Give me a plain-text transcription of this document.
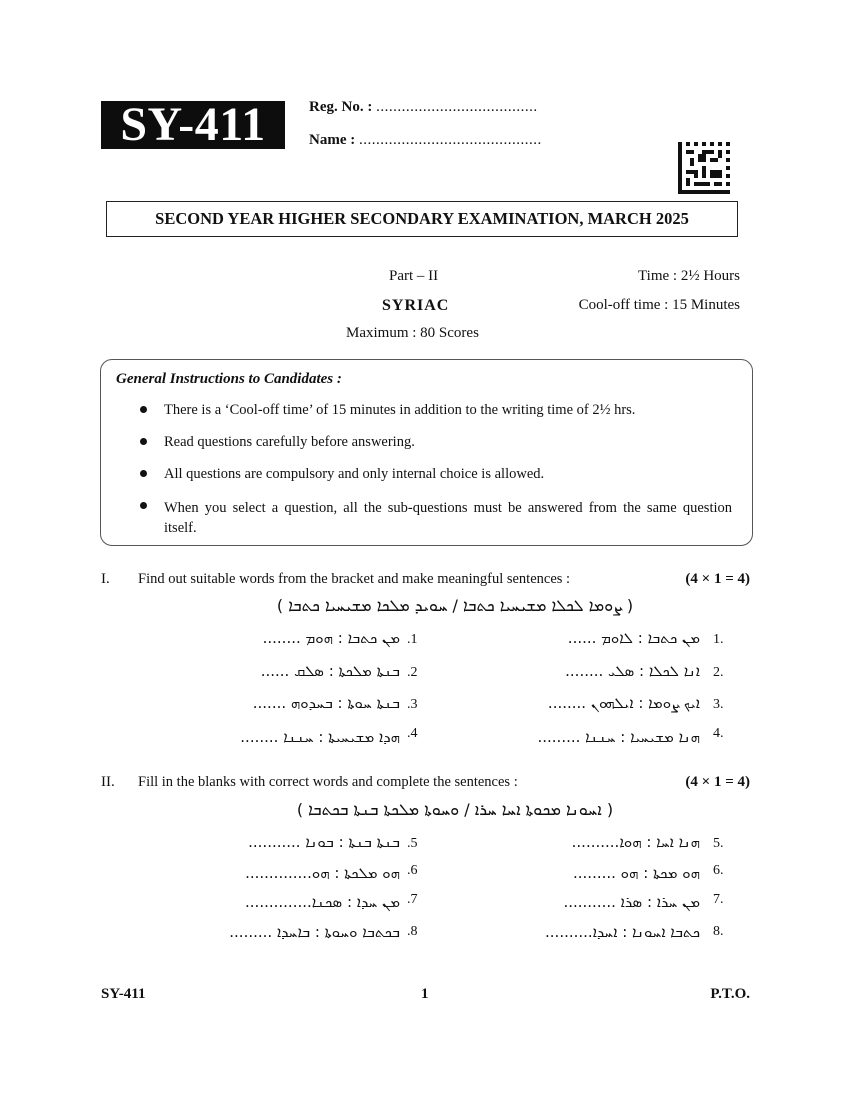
SY-411	Reg. No. : ......................................
Name : ...........................................
SECOND YEAR HIGHER SECONDARY EXAMINATION, MARCH 2025
Part – II
SYRIAC
Maximum : 80 Scores
Time : 2½ Hours
Cool-off time : 15 Minutes
General Instructions to Candidates :
There is a ‘Cool-off time’ of 15 minutes in addition to the writing time of 2½ hrs.
Read questions carefully before answering.
All questions are compulsory and only internal choice is allowed.
When you select a question, all the sub-questions must be answered from the same question itself.
I. Find out suitable words from the bracket and make meaningful sentences :	(4 × 1 = 4)
( ܨܘܡܐ ܠܟܠܐ ܡܫܝܚܝܐ ܟܬܒܐ / ܚܘܝܕ ܡܠܟܐ ܡܫܝܚܝܐ ܟܬܒܐ )
1.
ܡܢ ܟܬܒܐ : ܠܐܘܡ ......
2.
ܐܢܐ ܠܟܠܐ : ܣܠܝ ........
3.
ܐܝܟ ܨܘܡܐ : ܐܝܠܗܘܢ ........
4.
ܗܢܐ ܡܫܝܚܝܐ : ܚܢܢܐ .........
.1
ܡܢ ܟܬܒܐ : ܗܘܡ ........
.2
ܒܢܬܐ ܡܠܟܬܐ : ܣܠܩ ......
.3
ܒܢܬܐ ܚܘܬܐ : ܒܚܕܘܗ .......
.4
ܗܕܐ ܡܫܝܚܝܬܐ : ܚܢܢܐ ........
II. Fill in the blanks with correct words and complete the sentences :	(4 × 1 = 4)
( ܐܚܘܢܐ ܡܟܘܬܐ ܐܚܐ ܚܪܐ / ܘܚܘܬܐ ܡܠܟܬܐ ܒܢܬܐ ܒܟܬܒܐ )
5.
ܗܢܐ ܐܚܐ : ܗܘܐ..........
6.
ܗܘ ܡܟܬܐ : ܗܘ .........
7.
ܡܢ ܚܪܐ : ܣܪܐ ...........
8.
ܟܬܒܐ ܐܚܘܢܐ : ܐܚܕܐ..........
.5
ܒܢܬܐ ܒܢܬܐ : ܒܘܢܐ ...........
.6
ܗܘ ܡܠܟܬܐ : ܗܘ..............
.7
ܡܢ ܚܕܐ : ܣܟܢܐ..............
.8
ܒܟܬܒܐ ܘܚܘܬܐ : ܒܐܚܕܐ .........
SY-411	1	P.T.O.
